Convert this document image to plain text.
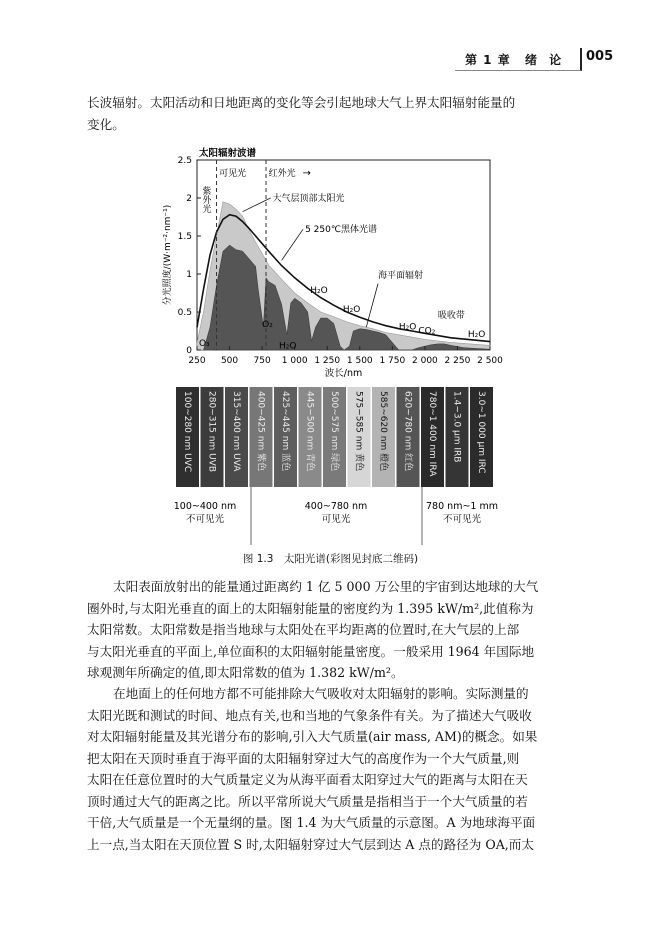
第 1 章 绪 论 005
长波辐射。太阳活动和日地距离的变化等会引起地球大气上界太阳辐射能量的
变化。
250 500 750 1 000 1 250 1 500 1 750 2 000 2 250 2 500
0
0.5
1
1.5
2
2.5
太阳辐射波谱
波长/nm
分光照度/(W·m⁻²·nm⁻¹)
紫外光
可见光 红外光 →
大气层顶部太阳光
5 250℃黑体光谱
海平面辐射
吸收带
O₃
O₂
H₂O
H₂O
H₂O
H₂O CO₂	H₂O
100~280 nm UVC 280~315 nm UVB 315~400 nm UVA 400~425 nm 紫色 425~445 nm 蓝色 445~500 nm 青色 500~575 nm 绿色 575~585 nm 黄色 585~620 nm 橙色 620~780 nm 红色 780~1 400 nm IRA 1.4~3.0 μm IRB 3.0~1 000 μm IRC
100~400 nm
不可见光
400~780 nm
可见光
780 nm~1 mm
不可见光
图 1.3　太阳光谱(彩图见封底二维码)
太阳表面放射出的能量通过距离约 1 亿 5 000 万公里的宇宙到达地球的大气
圈外时,与太阳光垂直的面上的太阳辐射能量的密度约为 1.395 kW/m²,此值称为
太阳常数。太阳常数是指当地球与太阳处在平均距离的位置时,在大气层的上部
与太阳光垂直的平面上,单位面积的太阳辐射能量密度。一般采用 1964 年国际地
球观测年所确定的值,即太阳常数的值为 1.382 kW/m²。
在地面上的任何地方都不可能排除大气吸收对太阳辐射的影响。实际测量的
太阳光既和测试的时间、地点有关,也和当地的气象条件有关。为了描述大气吸收
对太阳辐射能量及其光谱分布的影响,引入大气质量(air mass, AM)的概念。如果
把太阳在天顶时垂直于海平面的太阳辐射穿过大气的高度作为一个大气质量,则
太阳在任意位置时的大气质量定义为从海平面看太阳穿过大气的距离与太阳在天
顶时通过大气的距离之比。所以平常所说大气质量是指相当于一个大气质量的若
干倍,大气质量是一个无量纲的量。图 1.4 为大气质量的示意图。A 为地球海平面
上一点,当太阳在天顶位置 S 时,太阳辐射穿过大气层到达 A 点的路径为 OA,而太
